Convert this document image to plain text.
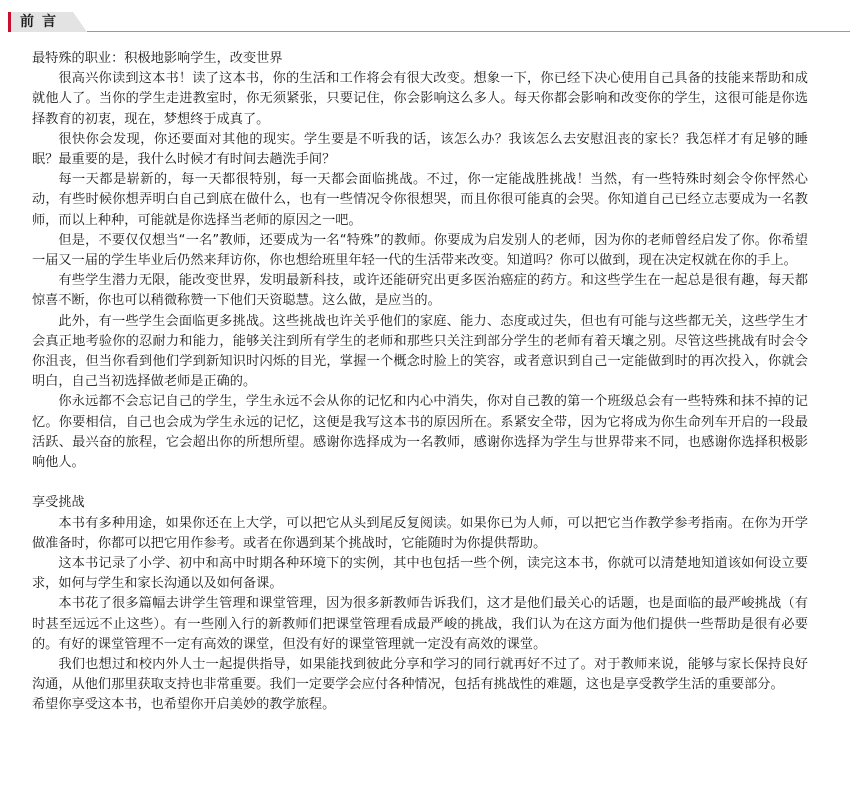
前言
最特殊的职业：积极地影响学生，改变世界

很高兴你读到这本书！读了这本书，你的生活和工作将会有很大改变。想象一下，你已经下决心使用自己具备的技能来帮助和成就他人了。当你的学生走进教室时，你无须紧张，只要记住，你会影响这么多人。每天你都会影响和改变你的学生，这很可能是你选择教育的初衷，现在，梦想终于成真了。

很快你会发现，你还要面对其他的现实。学生要是不听我的话，该怎么办？我该怎么去安慰沮丧的家长？我怎样才有足够的睡眠？最重要的是，我什么时候才有时间去趟洗手间？

每一天都是崭新的，每一天都很特别，每一天都会面临挑战。不过，你一定能战胜挑战！当然，有一些特殊时刻会令你怦然心动，有些时候你想弄明白自己到底在做什么，也有一些情况令你很想哭，而且你很可能真的会哭。你知道自己已经立志要成为一名教师，而以上种种，可能就是你选择当老师的原因之一吧。

但是，不要仅仅想当“一名”教师，还要成为一名“特殊”的教师。你要成为启发别人的老师，因为你的老师曾经启发了你。你希望一届又一届的学生毕业后仍然来拜访你，你也想给班里年轻一代的生活带来改变。知道吗？你可以做到，现在决定权就在你的手上。

有些学生潜力无限，能改变世界，发明最新科技，或许还能研究出更多医治癌症的药方。和这些学生在一起总是很有趣，每天都惊喜不断，你也可以稍微称赞一下他们天资聪慧。这么做，是应当的。

此外，有一些学生会面临更多挑战。这些挑战也许关乎他们的家庭、能力、态度或过失，但也有可能与这些都无关，这些学生才会真正地考验你的忍耐力和能力，能够关注到所有学生的老师和那些只关注到部分学生的老师有着天壤之别。尽管这些挑战有时会令你沮丧，但当你看到他们学到新知识时闪烁的目光，掌握一个概念时脸上的笑容，或者意识到自己一定能做到时的再次投入，你就会明白，自己当初选择做老师是正确的。

你永远都不会忘记自己的学生，学生永远不会从你的记忆和内心中消失，你对自己教的第一个班级总会有一些特殊和抹不掉的记忆。你要相信，自己也会成为学生永远的记忆，这便是我写这本书的原因所在。系紧安全带，因为它将成为你生命列车开启的一段最活跃、最兴奋的旅程，它会超出你的所想所望。感谢你选择成为一名教师，感谢你选择为学生与世界带来不同，也感谢你选择积极影响他人。

享受挑战

本书有多种用途，如果你还在上大学，可以把它从头到尾反复阅读。如果你已为人师，可以把它当作教学参考指南。在你为开学做准备时，你都可以把它用作参考。或者在你遇到某个挑战时，它能随时为你提供帮助。

这本书记录了小学、初中和高中时期各种环境下的实例，其中也包括一些个例，读完这本书，你就可以清楚地知道该如何设立要求，如何与学生和家长沟通以及如何备课。

本书花了很多篇幅去讲学生管理和课堂管理，因为很多新教师告诉我们，这才是他们最关心的话题，也是面临的最严峻挑战（有时甚至远远不止这些）。有一些刚入行的新教师们把课堂管理看成最严峻的挑战，我们认为在这方面为他们提供一些帮助是很有必要的。有好的课堂管理不一定有高效的课堂，但没有好的课堂管理就一定没有高效的课堂。

我们也想过和校内外人士一起提供指导，如果能找到彼此分享和学习的同行就再好不过了。对于教师来说，能够与家长保持良好沟通，从他们那里获取支持也非常重要。我们一定要学会应付各种情况，包括有挑战性的难题，这也是享受教学生活的重要部分。

希望你享受这本书，也希望你开启美妙的教学旅程。
